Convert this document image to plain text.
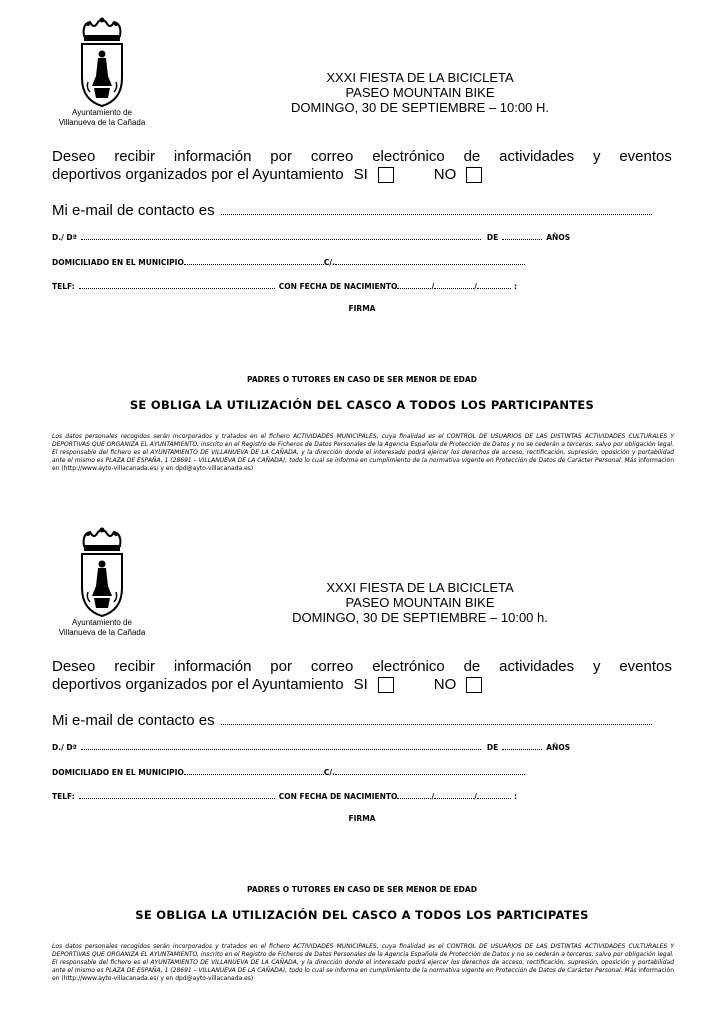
Ayuntamiento de
Villanueva de la Cañada
XXXI FIESTA DE LA BICICLETA
PASEO MOUNTAIN BIKE
DOMINGO, 30 DE SEPTIEMBRE – 10:00 H.
Deseo recibir información por correo electrónico de actividades y eventos
deportivos organizados por el Ayuntamiento SI	NO
Mi e-mail de contacto es
D./ Dª	DE	AÑOS
DOMICILIADO EN EL MUNICIPIO	C/.
TELF:	CON FECHA DE NACIMIENTO	/	/	:
FIRMA
PADRES O TUTORES EN CASO DE SER MENOR DE EDAD
SE OBLIGA LA UTILIZACIÓN DEL CASCO A TODOS LOS PARTICIPANTES
Los datos personales recogidos serán incorporados y tratados en el fichero ACTIVIDADES MUNICIPALES, cuya finalidad es el CONTROL DE USUARIOS DE LAS DISTINTAS ACTIVIDADES CULTURALES Y DEPORTIVAS QUE ORGANIZA EL AYUNTAMIENTO, inscrito en el Registro de Ficheros de Datos Personales de la Agencia Española de Protección de Datos y no se cederán a terceros, salvo por obligación legal. El responsable del fichero es el AYUNTAMIENTO DE VILLANUEVA DE LA CAÑADA, y la dirección donde el interesado podrá ejercer los derechos de acceso, rectificación, supresión, oposición y portabilidad ante el mismo es PLAZA DE ESPAÑA, 1 (28691 – VILLANUEVA DE LA CAÑADA), todo lo cual se informa en cumplimiento de la normativa vigente en Protección de Datos de Carácter Personal. Más información en (http://www.ayto-villacanada.es/ y en dpd@ayto-villacanada.es)
Ayuntamiento de
Villanueva de la Cañada
XXXI FIESTA DE LA BICICLETA
PASEO MOUNTAIN BIKE
DOMINGO, 30 DE SEPTIEMBRE – 10:00 h.
Deseo recibir información por correo electrónico de actividades y eventos
deportivos organizados por el Ayuntamiento SI	NO
Mi e-mail de contacto es
D./ Dª	DE	AÑOS
DOMICILIADO EN EL MUNICIPIO	C/.
TELF:	CON FECHA DE NACIMIENTO	/	/	:
FIRMA
PADRES O TUTORES EN CASO DE SER MENOR DE EDAD
SE OBLIGA LA UTILIZACIÓN DEL CASCO A TODOS LOS PARTICIPATES
Los datos personales recogidos serán incorporados y tratados en el fichero ACTIVIDADES MUNICIPALES, cuya finalidad es el CONTROL DE USUARIOS DE LAS DISTINTAS ACTIVIDADES CULTURALES Y DEPORTIVAS QUE ORGANIZA EL AYUNTAMIENTO, inscrito en el Registro de Ficheros de Datos Personales de la Agencia Española de Protección de Datos y no se cederán a terceros, salvo por obligación legal. El responsable del fichero es el AYUNTAMIENTO DE VILLANUEVA DE LA CAÑADA, y la dirección donde el interesado podrá ejercer los derechos de acceso, rectificación, supresión, oposición y portabilidad ante el mismo es PLAZA DE ESPAÑA, 1 (28691 – VILLANUEVA DE LA CAÑADA), todo lo cual se informa en cumplimiento de la normativa vigente en Protección de Datos de Carácter Personal. Más información en (http://www.ayto-villacanada.es/ y en dpd@ayto-villacanada.es)
